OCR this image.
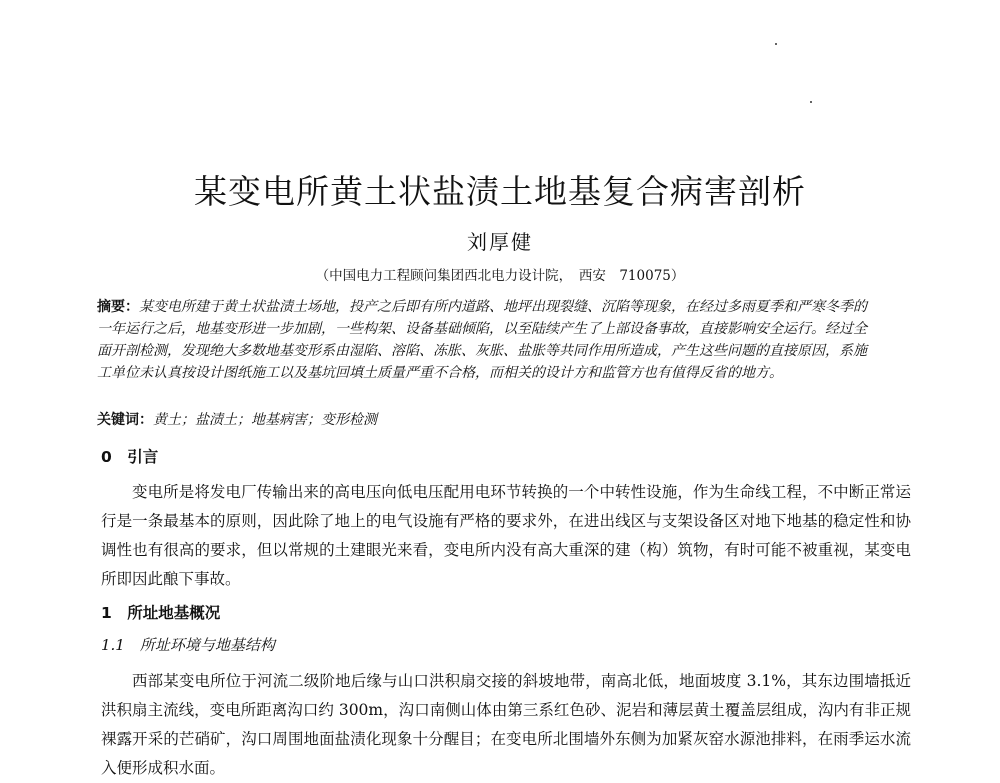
某变电所黄土状盐渍土地基复合病害剖析
刘厚健
（中国电力工程顾问集团西北电力设计院，　西安　710075）
摘要：某变电所建于黄土状盐渍土场地，投产之后即有所内道路、地坪出现裂缝、沉陷等现象，在经过多雨夏季和严寒冬季的一年运行之后，地基变形进一步加剧，一些构架、设备基础倾陷，以至陆续产生了上部设备事故，直接影响安全运行。经过全面开剖检测，发现绝大多数地基变形系由湿陷、溶陷、冻胀、灰胀、盐胀等共同作用所造成，产生这些问题的直接原因，系施工单位未认真按设计图纸施工以及基坑回填土质量严重不合格，而相关的设计方和监管方也有值得反省的地方。
关键词：黄土；盐渍土；地基病害；变形检测
0　引言
变电所是将发电厂传输出来的高电压向低电压配用电环节转换的一个中转性设施，作为生命线工程，不中断正常运行是一条最基本的原则，因此除了地上的电气设施有严格的要求外，在进出线区与支架设备区对地下地基的稳定性和协调性也有很高的要求，但以常规的土建眼光来看，变电所内没有高大重深的建（构）筑物，有时可能不被重视，某变电所即因此酿下事故。
1　所址地基概况
1.1　所址环境与地基结构
西部某变电所位于河流二级阶地后缘与山口洪积扇交接的斜坡地带，南高北低，地面坡度 3.1%，其东边围墙抵近洪积扇主流线，变电所距离沟口约 300m，沟口南侧山体由第三系红色砂、泥岩和薄层黄土覆盖层组成，沟内有非正规裸露开采的芒硝矿，沟口周围地面盐渍化现象十分醒目；在变电所北围墙外东侧为加紧灰窑水源池排料，在雨季运水流入便形成积水面。
